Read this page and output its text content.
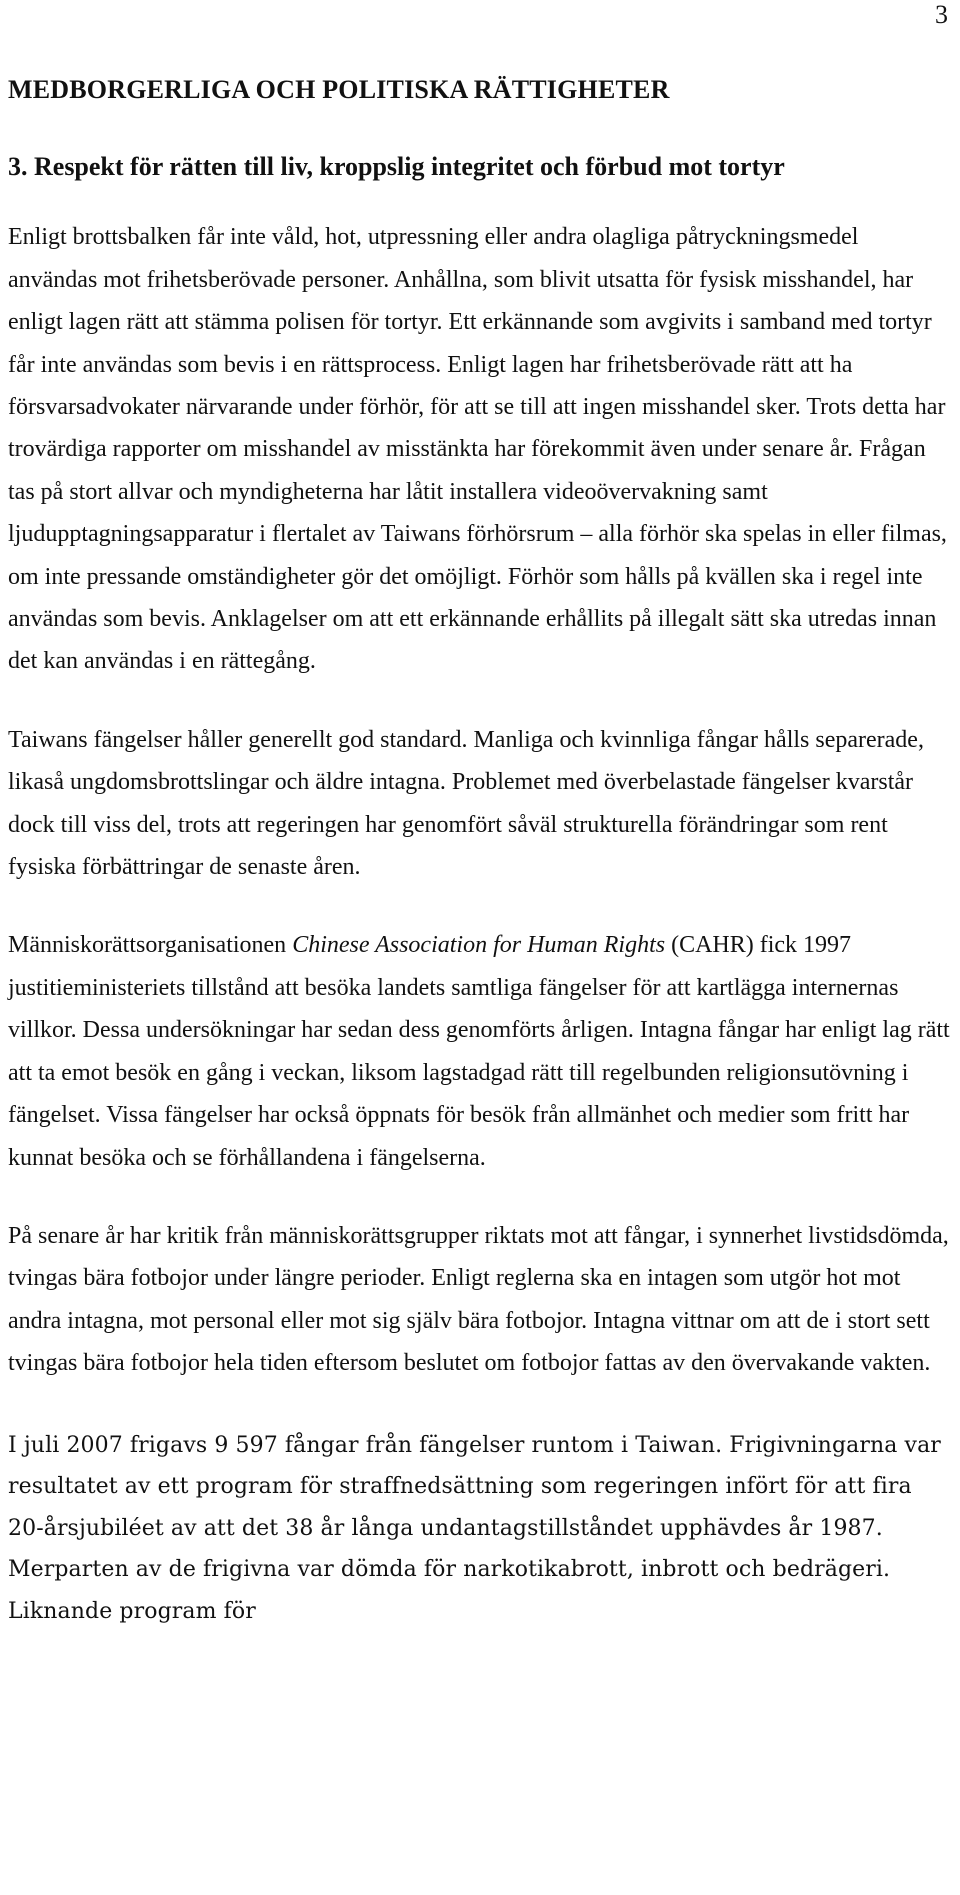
3
MEDBORGERLIGA OCH POLITISKA RÄTTIGHETER
3. Respekt för rätten till liv, kroppslig integritet och förbud mot tortyr

Enligt brottsbalken får inte våld, hot, utpressning eller andra olagliga påtryckningsmedel användas mot frihetsberövade personer. Anhållna, som blivit utsatta för fysisk misshandel, har enligt lagen rätt att stämma polisen för tortyr. Ett erkännande som avgivits i samband med tortyr får inte användas som bevis i en rättsprocess. Enligt lagen har frihetsberövade rätt att ha försvarsadvokater närvarande under förhör, för att se till att ingen misshandel sker. Trots detta har trovärdiga rapporter om misshandel av misstänkta har förekommit även under senare år. Frågan tas på stort allvar och myndigheterna har låtit installera videoövervakning samt ljudupptagningsapparatur i flertalet av Taiwans förhörsrum – alla förhör ska spelas in eller filmas, om inte pressande omständigheter gör det omöjligt. Förhör som hålls på kvällen ska i regel inte användas som bevis. Anklagelser om att ett erkännande erhållits på illegalt sätt ska utredas innan det kan användas i en rättegång.

Taiwans fängelser håller generellt god standard. Manliga och kvinnliga fångar hålls separerade, likaså ungdomsbrottslingar och äldre intagna. Problemet med överbelastade fängelser kvarstår dock till viss del, trots att regeringen har genomfört såväl strukturella förändringar som rent fysiska förbättringar de senaste åren.

Människorättsorganisationen Chinese Association for Human Rights (CAHR) fick 1997 justitieministeriets tillstånd att besöka landets samtliga fängelser för att kartlägga internernas villkor. Dessa undersökningar har sedan dess genomförts årligen. Intagna fångar har enligt lag rätt att ta emot besök en gång i veckan, liksom lagstadgad rätt till regelbunden religionsutövning i fängelset. Vissa fängelser har också öppnats för besök från allmänhet och medier som fritt har kunnat besöka och se förhållandena i fängelserna.

På senare år har kritik från människorättsgrupper riktats mot att fångar, i synnerhet livstidsdömda, tvingas bära fotbojor under längre perioder. Enligt reglerna ska en intagen som utgör hot mot andra intagna, mot personal eller mot sig själv bära fotbojor. Intagna vittnar om att de i stort sett tvingas bära fotbojor hela tiden eftersom beslutet om fotbojor fattas av den övervakande vakten.

I juli 2007 frigavs 9 597 fångar från fängelser runtom i Taiwan. Frigivningarna var resultatet av ett program för straffnedsättning som regeringen infört för att fira 20-årsjubiléet av att det 38 år långa undantagstillståndet upphävdes år 1987. Merparten av de frigivna var dömda för narkotikabrott, inbrott och bedrägeri. Liknande program för
